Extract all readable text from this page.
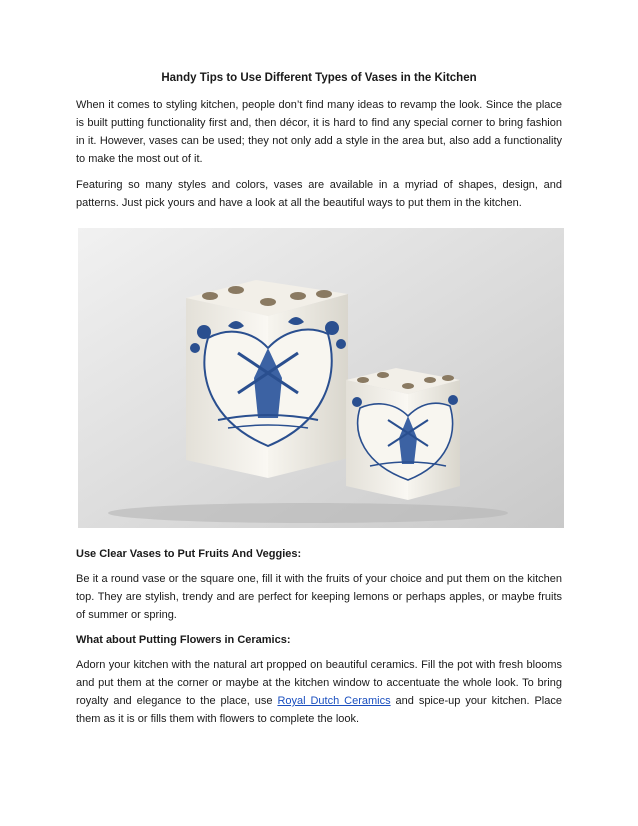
Handy Tips to Use Different Types of Vases in the Kitchen

When it comes to styling kitchen, people don’t find many ideas to revamp the look. Since the place is built putting functionality first and, then décor, it is hard to find any special corner to bring fashion in it. However, vases can be used; they not only add a style in the area but, also add a functionality to make the most out of it.

Featuring so many styles and colors, vases are available in a myriad of shapes, design, and patterns. Just pick yours and have a look at all the beautiful ways to put them in the kitchen.

Use Clear Vases to Put Fruits And Veggies:

Be it a round vase or the square one, fill it with the fruits of your choice and put them on the kitchen top. They are stylish, trendy and are perfect for keeping lemons or perhaps apples, or maybe fruits of summer or spring.

What about Putting Flowers in Ceramics:

Adorn your kitchen with the natural art propped on beautiful ceramics. Fill the pot with fresh blooms and put them at the corner or maybe at the kitchen window to accentuate the whole look. To bring royalty and elegance to the place, use Royal Dutch Ceramics and spice-up your kitchen. Place them as it is or fills them with flowers to complete the look.
